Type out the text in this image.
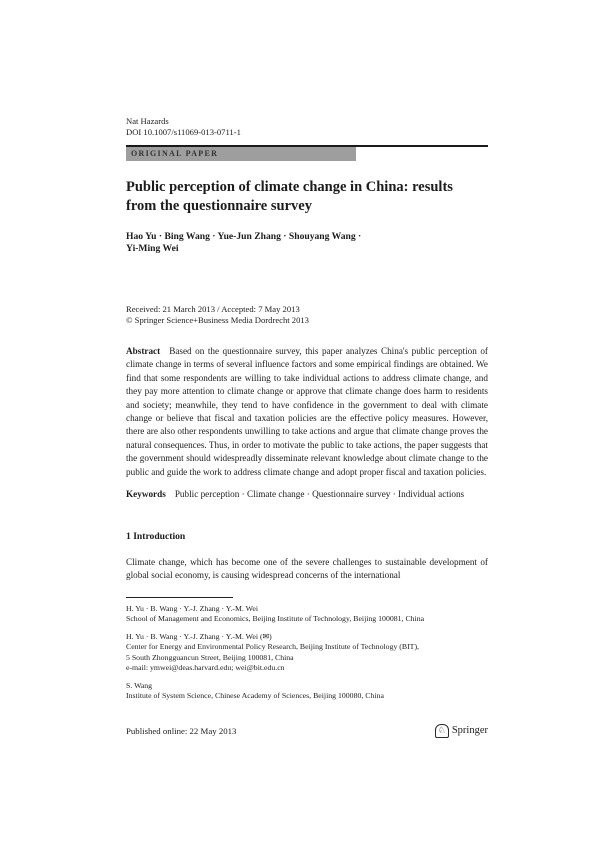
Nat Hazards
DOI 10.1007/s11069-013-0711-1
ORIGINAL PAPER
Public perception of climate change in China: results
from the questionnaire survey
Hao Yu · Bing Wang · Yue-Jun Zhang · Shouyang Wang ·
Yi-Ming Wei
Received: 21 March 2013 / Accepted: 7 May 2013
© Springer Science+Business Media Dordrecht 2013

Abstract Based on the questionnaire survey, this paper analyzes China's public perception of climate change in terms of several influence factors and some empirical findings are obtained. We find that some respondents are willing to take individual actions to address climate change, and they pay more attention to climate change or approve that climate change does harm to residents and society; meanwhile, they tend to have confidence in the government to deal with climate change or believe that fiscal and taxation policies are the effective policy measures. However, there are also other respondents unwilling to take actions and argue that climate change proves the natural consequences. Thus, in order to motivate the public to take actions, the paper suggests that the government should widespreadly disseminate relevant knowledge about climate change to the public and guide the work to address climate change and adopt proper fiscal and taxation policies.

Keywords Public perception · Climate change · Questionnaire survey · Individual actions

1 Introduction

Climate change, which has become one of the severe challenges to sustainable development of global social economy, is causing widespread concerns of the international

H. Yu · B. Wang · Y.-J. Zhang · Y.-M. Wei
School of Management and Economics, Beijing Institute of Technology, Beijing 100081, China
H. Yu · B. Wang · Y.-J. Zhang · Y.-M. Wei (✉)
Center for Energy and Environmental Policy Research, Beijing Institute of Technology (BIT),
5 South Zhongguancun Street, Beijing 100081, China
e-mail: ymwei@deas.harvard.edu; wei@bit.edu.cn
S. Wang
Institute of System Science, Chinese Academy of Sciences, Beijing 100080, China
Published online: 22 May 2013	♘ Springer
